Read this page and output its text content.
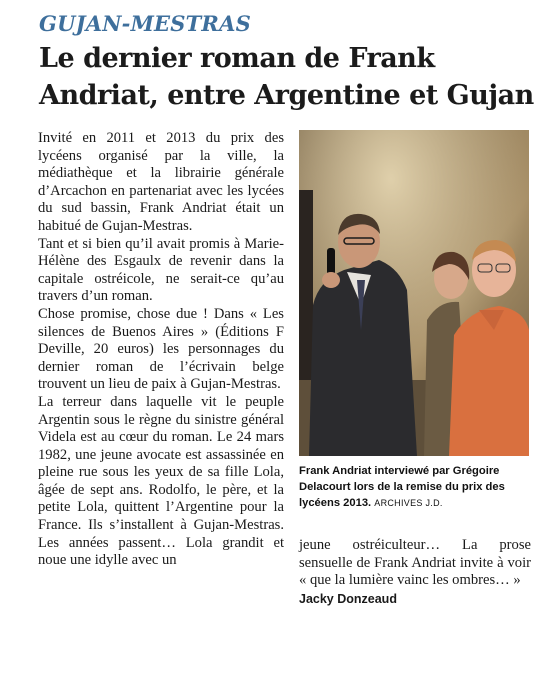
GUJAN-MESTRAS
Le dernier roman de Frank Andriat, entre Argentine et Gujan

Invité en 2011 et 2013 du prix des lycéens organisé par la ville, la médiathèque et la librairie générale d’Arcachon en partenariat avec les lycées du sud bassin, Frank Andriat était un habitué de Gujan-Mestras.

Tant et si bien qu’il avait promis à Marie-Hélène des Esgaulx de revenir dans la capitale ostréicole, ne serait-ce qu’au travers d’un roman.

Chose promise, chose due ! Dans « Les silences de Buenos Aires » (Éditions F Deville, 20 euros) les personnages du dernier roman de l’écrivain belge trouvent un lieu de paix à Gujan-Mestras.

La terreur dans laquelle vit le peuple Argentin sous le règne du sinistre général Videla est au cœur du roman. Le 24 mars 1982, une jeune avocate est assassinée en pleine rue sous les yeux de sa fille Lola, âgée de sept ans. Rodolfo, le père, et la petite Lola, quittent l’Argentine pour la France. Ils s’installent à Gujan-Mestras. Les années passent… Lola grandit et noue une idylle avec un

Frank Andriat interviewé par Grégoire Delacourt lors de la remise du prix des lycéens 2013. ARCHIVES J.D.

jeune ostréiculteur… La prose sensuelle de Frank Andriat invite à voir « que la lumière vainc les ombres… »

Jacky Donzeaud
